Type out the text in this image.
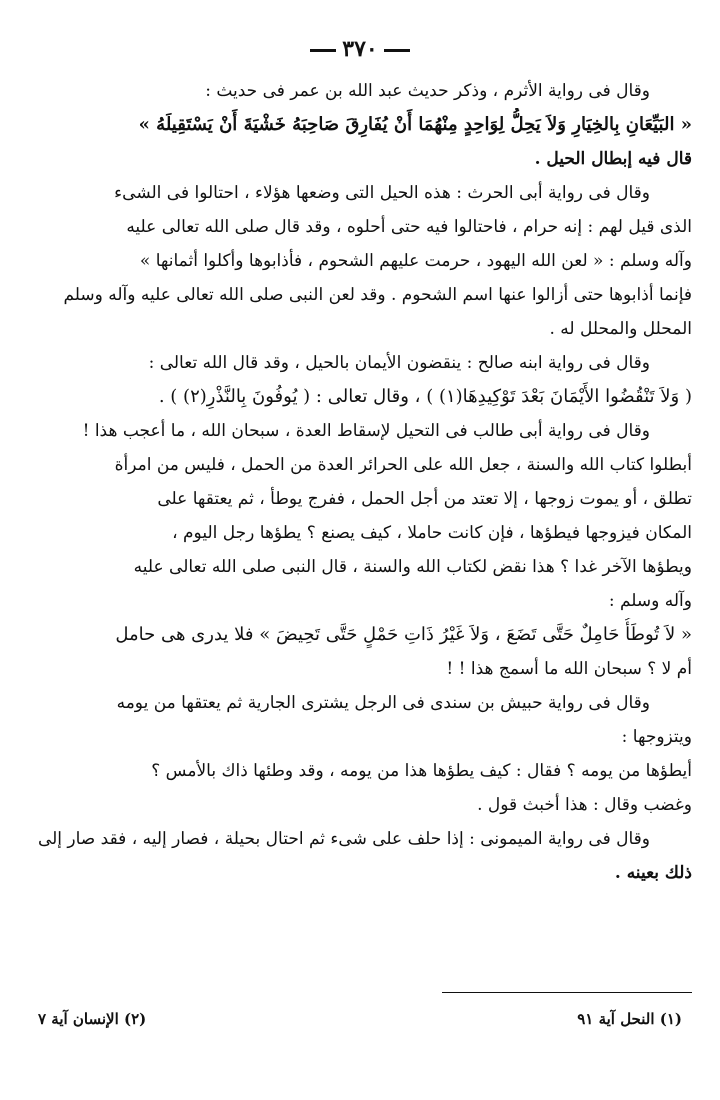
٣٧٠
وقال فى رواية الأثرم ، وذكر حديث عبد الله بن عمر فى حديث :
« البَيِّعَانِ بِالخِيَارِ وَلاَ يَحِلُّ لِوَاحِدٍ مِنْهُمَا أَنْ يُفَارِقَ صَاحِبَهُ خَشْيَةَ أَنْ يَسْتَقِيلَهُ »
قال فيه إبطال الحيل .
وقال فى رواية أبى الحرث : هذه الحيل التى وضعها هؤلاء ، احتالوا فى الشىء
الذى قيل لهم : إنه حرام ، فاحتالوا فيه حتى أحلوه ، وقد قال صلى الله تعالى عليه
وآله وسلم : « لعن الله اليهود ، حرمت عليهم الشحوم ، فأذابوها وأكلوا أثمانها »
فإنما أذابوها حتى أزالوا عنها اسم الشحوم . وقد لعن النبى صلى الله تعالى عليه وآله وسلم
المحلل والمحلل له .
وقال فى رواية ابنه صالح : ينقضون الأيمان بالحيل ، وقد قال الله تعالى :
( وَلاَ تَنْقُضُوا الأَيْمَانَ بَعْدَ تَوْكِيدِهَا(١) ) ، وقال تعالى : ( يُوفُونَ بِالنَّذْرِ(٢) ) .
وقال فى رواية أبى طالب فى التحيل لإسقاط العدة ، سبحان الله ، ما أعجب هذا !
أبطلوا كتاب الله والسنة ، جعل الله على الحرائر العدة من الحمل ، فليس من امرأة
تطلق ، أو يموت زوجها ، إلا تعتد من أجل الحمل ، ففرج يوطأ ، ثم يعتقها على
المكان فيزوجها فيطؤها ، فإن كانت حاملا ، كيف يصنع ؟ يطؤها رجل اليوم ،
ويطؤها الآخر غدا ؟ هذا نقض لكتاب الله والسنة ، قال النبى صلى الله تعالى عليه
وآله وسلم :
« لاَ تُوطَأُ حَامِلٌ حَتَّى تَضَعَ ، وَلاَ غَيْرُ ذَاتِ حَمْلٍ حَتَّى تَحِيضَ » فلا يدرى هى حامل
أم لا ؟ سبحان الله ما أسمج هذا ! !
وقال فى رواية حبيش بن سندى فى الرجل يشترى الجارية ثم يعتقها من يومه
ويتزوجها :
أيطؤها من يومه ؟ فقال : كيف يطؤها هذا من يومه ، وقد وطئها ذاك بالأمس ؟
وغضب وقال : هذا أخبث قول .
وقال فى رواية الميمونى : إذا حلف على شىء ثم احتال بحيلة ، فصار إليه ، فقد صار إلى
ذلك بعينه .
(١) النحل آية ٩١
(٢) الإنسان آية ٧
